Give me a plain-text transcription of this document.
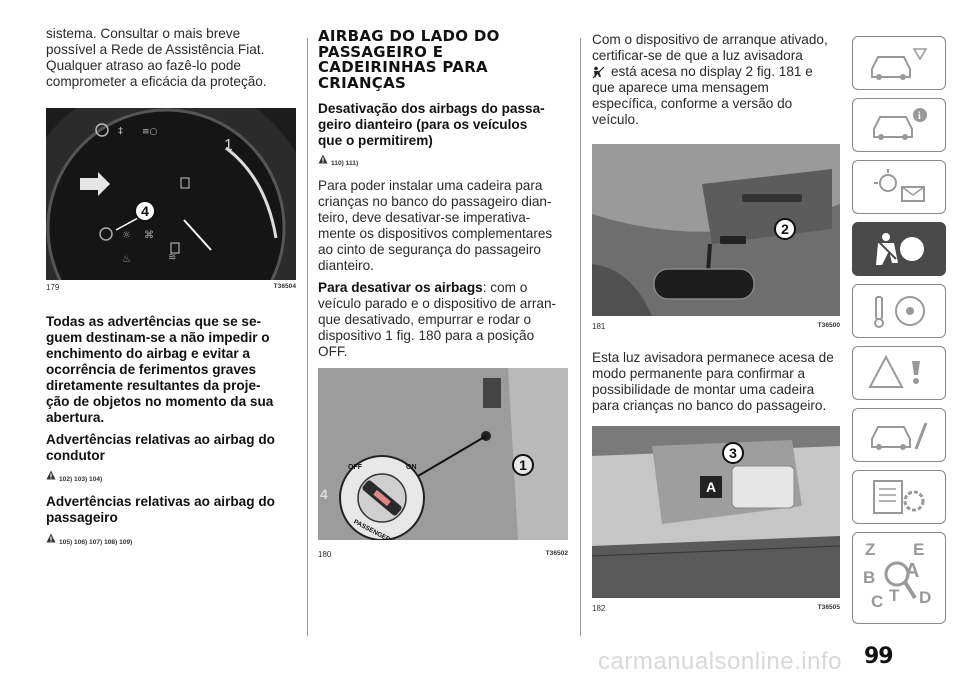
sistema. Consultar o mais breve

possível a Rede de Assistência Fiat.

Qualquer atraso ao fazê-lo pode

comprometer a eficácia da proteção.

1
‡ ≡○
☼ ⌘
≋
♨
4
179	T36504

Todas as advertências que se se-

guem destinam-se a não impedir o

enchimento do airbag e evitar a

ocorrência de ferimentos graves

diretamente resultantes da proje-

ção de objetos no momento da sua

abertura.

Advertências relativas ao airbag do

condutor

102) 103) 104)

Advertências relativas ao airbag do

passageiro

105) 106) 107) 108) 109)

AIRBAG DO LADO DO

PASSAGEIRO E

CADEIRINHAS PARA

CRIANÇAS

Desativação dos airbags do passa-

geiro dianteiro (para os veículos

que o permitirem)

110) 111)

Para poder instalar uma cadeira para

crianças no banco do passageiro dian-

teiro, deve desativar-se imperativa-

mente os dispositivos complementares

ao cinto de segurança do passageiro

dianteiro.

Para desativar os airbags: com o

veículo parado e o dispositivo de arran-

que desativado, empurrar e rodar o

dispositivo 1 fig. 180 para a posição

OFF.

OFF	ON
4
1
180	T36502

Com o dispositivo de arranque ativado,

certificar-se de que a luz avisadora

está acesa no display 2 fig. 181 e

que aparece uma mensagem

específica, conforme a versão do

veículo.

Esta luz avisadora permanece acesa de

modo permanente para confirmar a

possibilidade de montar uma cadeira

para crianças no banco do passageiro.

2
181	T36500
3
A
182	T36505
i
Z E
B A
C T D
carmanualsonline.info 99
